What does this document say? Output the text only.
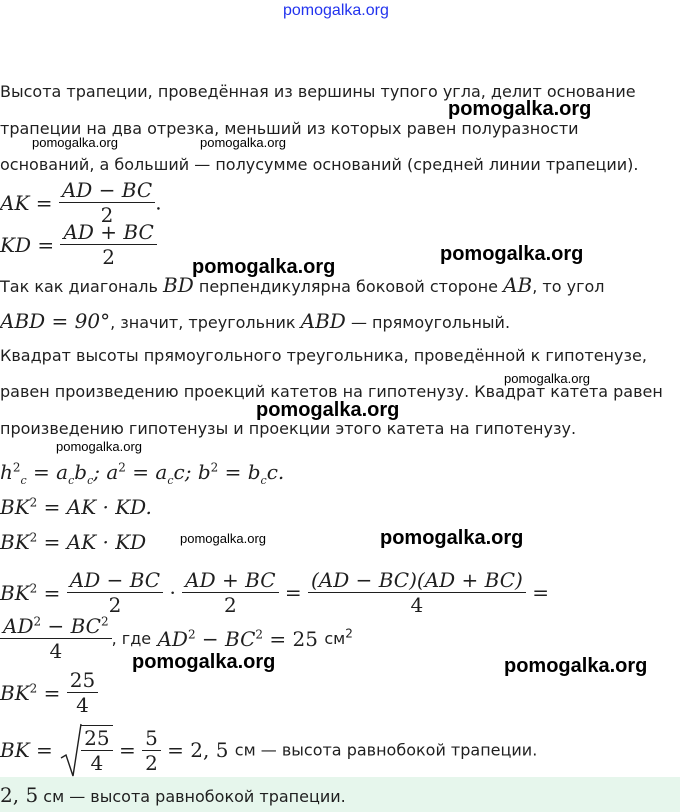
pomogalka.org
Высота трапеции, проведённая из вершины тупого угла, делит основание
трапеции на два отрезка, меньший из которых равен полуразности
оснований, а больший — полусумме оснований (средней линии трапеции).
AK = $\frac{AD - BC}{2}$ .
KD = $\frac{AD + BC}{2}$
Так как диагональ BD перпендикулярна боковой стороне AB, то угол
ABD = 90°, значит, треугольник ABD — прямоугольный.
Квадрат высоты прямоугольного треугольника, проведённой к гипотенузе,
равен произведению проекций катетов на гипотенузу. Квадрат катета равен
произведению гипотенузы и проекции этого катета на гипотенузу.
$h^2_c = a_cb_c$; $a^2 = a_cc$; $b^2 = b_cc$.
$BK^2$ = AK · KD.
$BK^2$ = AK · KD
$BK^2 = \frac{AD - BC}{2} \cdot \frac{AD + BC}{2} = \frac{(AD - BC)(AD + BC)}{4}$ =
$\frac{AD^2 - BC^2}{4}$ , где $AD^2 - BC^2 = 25$ $см^2$
$BK^2 = \frac{25}{4}$
BK = $\frac{25}{4} = \frac{5}{2} = 2$, 5 см — высота равнобокой трапеции.
2, 5 см — высота равнобокой трапеции.
pomogalka.org
pomogalka.org	pomogalka.org
pomogalka.org
pomogalka.org
pomogalka.org
pomogalka.org
pomogalka.org
pomogalka.org	pomogalka.org
pomogalka.org	pomogalka.org
